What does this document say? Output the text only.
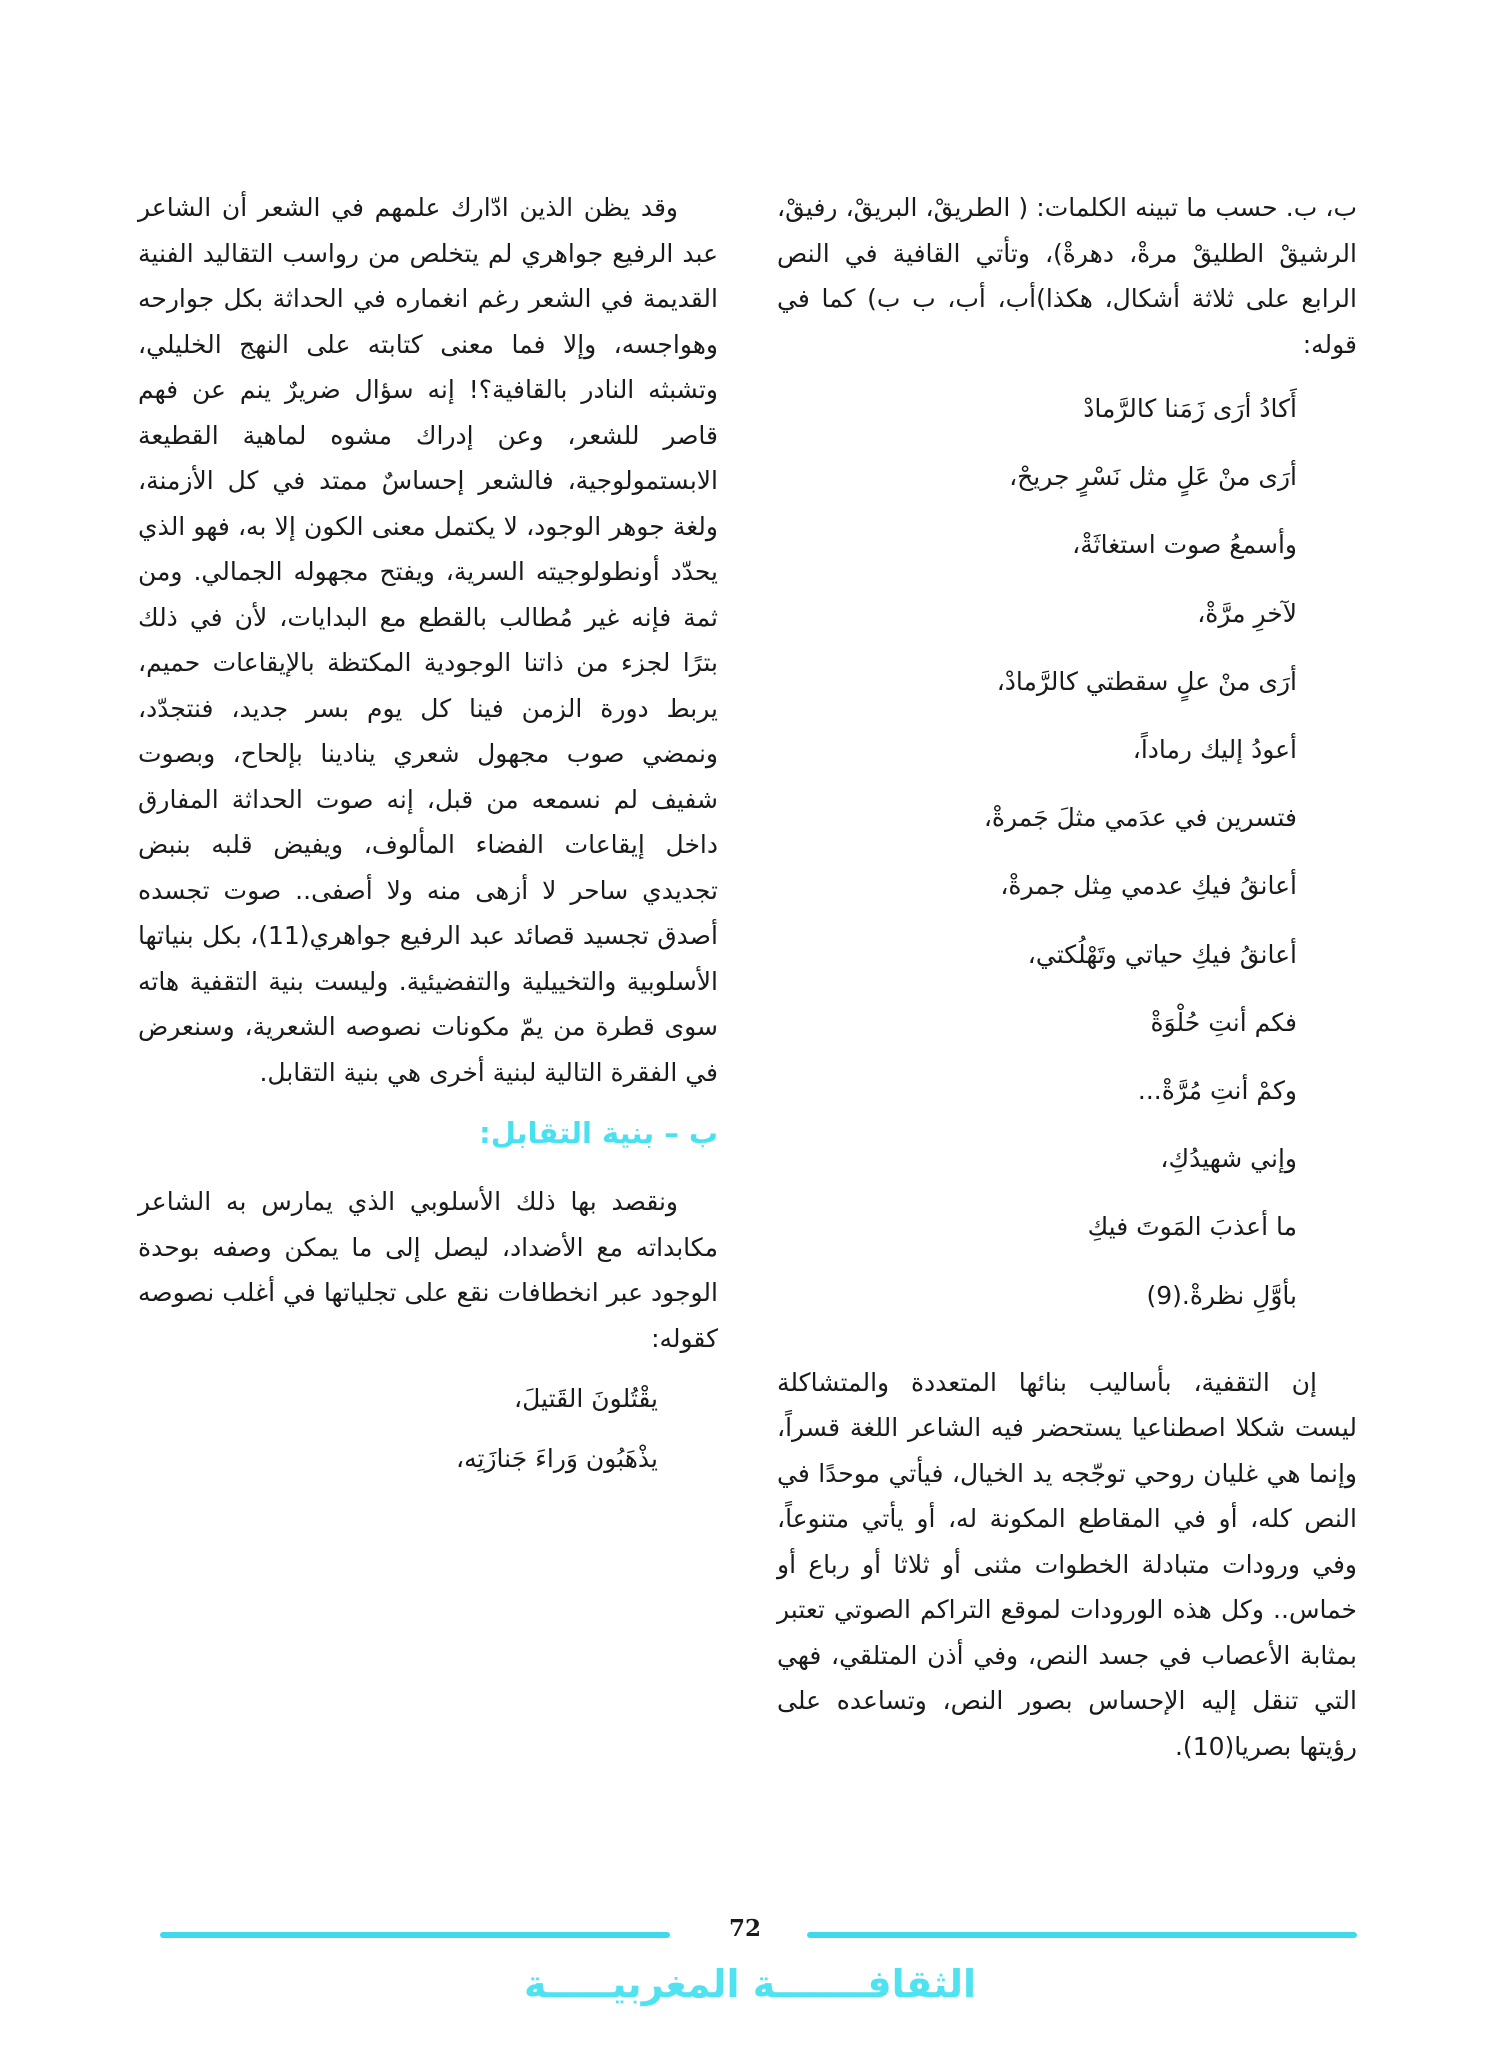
ب، ب. حسب ما تبينه الكلمات: ( الطريقْ، البريقْ، رفيقْ، الرشيقْ الطليقْ مرةْ، دهرةْ)، وتأتي القافية في النص الرابع على ثلاثة أشكال، هكذا)أب، أب، ب ب) كما في قوله:

أَكادُ أرَى زَمَنا كالرَّمادْ

أرَى منْ عَلٍ مثل نَسْرٍ جريحْ،

وأسمعُ صوت استغاثَةْ،

لآخرِ مرَّةْ،

أرَى منْ علٍ سقطتي كالرَّمادْ،

أعودُ إليك رماداً،

فتسرين في عدَمي مثلَ جَمرةْ،

أعانقُ فيكِ عدمي مِثل جمرةْ،

أعانقُ فيكِ حياتي وتَهْلُكتي،

فكم أنتِ حُلْوَةْ

وكمْ أنتِ مُرَّةْ...

وإني شهيدُكِ،

ما أعذبَ المَوتَ فيكِ

بأوَّلِ نظرةْ.(9)

إن التقفية، بأساليب بنائها المتعددة والمتشاكلة ليست شكلا اصطناعيا يستحضر فيه الشاعر اللغة قسراً، وإنما هي غليان روحي توجّجه يد الخيال، فيأتي موحدًا في النص كله، أو في المقاطع المكونة له، أو يأتي متنوعاً، وفي ورودات متبادلة الخطوات مثنى أو ثلاثا أو رباع أو خماس.. وكل هذه الورودات لموقع التراكم الصوتي تعتبر بمثابة الأعصاب في جسد النص، وفي أذن المتلقي، فهي التي تنقل إليه الإحساس بصور النص، وتساعده على رؤيتها بصريا(10).

وقد يظن الذين ادّارك علمهم في الشعر أن الشاعر عبد الرفيع جواهري لم يتخلص من رواسب التقاليد الفنية القديمة في الشعر رغم انغماره في الحداثة بكل جوارحه وهواجسه، وإلا فما معنى كتابته على النهج الخليلي، وتشبثه النادر بالقافية؟! إنه سؤال ضريرٌ ينم عن فهم قاصر للشعر، وعن إدراك مشوه لماهية القطيعة الابستمولوجية، فالشعر إحساسٌ ممتد في كل الأزمنة، ولغة جوهر الوجود، لا يكتمل معنى الكون إلا به، فهو الذي يحدّد أونطولوجيته السرية، ويفتح مجهوله الجمالي. ومن ثمة فإنه غير مُطالب بالقطع مع البدايات، لأن في ذلك بترًا لجزء من ذاتنا الوجودية المكتظة بالإيقاعات حميم، يربط دورة الزمن فينا كل يوم بسر جديد، فنتجدّد، ونمضي صوب مجهول شعري ينادينا بإلحاح، وبصوت شفيف لم نسمعه من قبل، إنه صوت الحداثة المفارق داخل إيقاعات الفضاء المألوف، ويفيض قلبه بنبض تجديدي ساحر لا أزهى منه ولا أصفى.. صوت تجسده أصدق تجسيد قصائد عبد الرفيع جواهري(11)، بكل بنياتها الأسلوبية والتخييلية والتفضيئية. وليست بنية التقفية هاته سوى قطرة من يمّ مكونات نصوصه الشعرية، وسنعرض في الفقرة التالية لبنية أخرى هي بنية التقابل.

ب – بنية التقابل:

ونقصد بها ذلك الأسلوبي الذي يمارس به الشاعر مكابداته مع الأضداد، ليصل إلى ما يمكن وصفه بوحدة الوجود عبر انخطافات نقع على تجلياتها في أغلب نصوصه كقوله:

يقْتُلونَ القَتيلَ،

يذْهَبُون وَراءَ جَنازَتِه،

72
الثقافـــــــة المغربيـــــة
